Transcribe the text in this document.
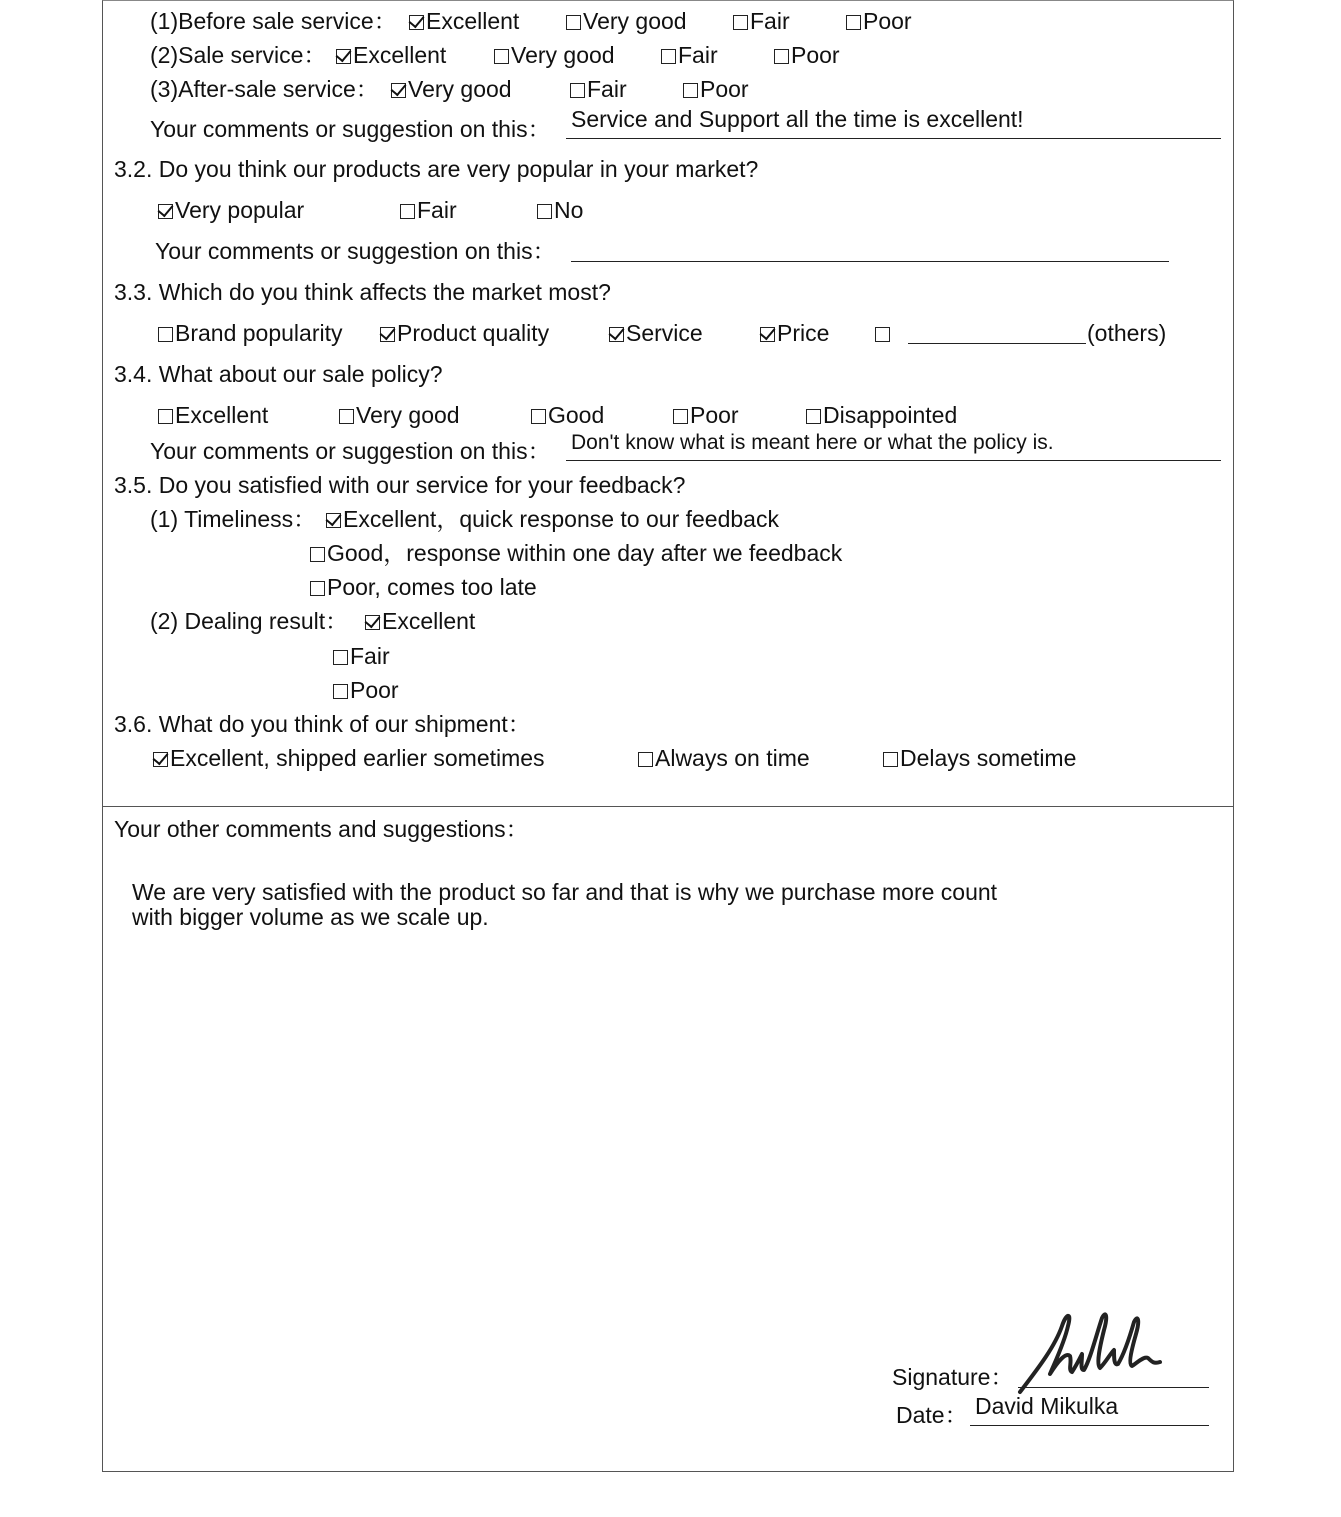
(1)Before sale service：	Excellent	Very good	Fair	Poor
(2)Sale service：	Excellent	Very good	Fair	Poor
(3)After-sale service：	Very good	Fair	Poor
Your comments or suggestion on this： Service and Support all the time is excellent!
3.2. Do you think our products are very popular in your market?
Very popular	Fair	No
Your comments or suggestion on this：
3.3. Which do you think affects the market most?
Brand popularity	Product quality	Service	Price	(others)
3.4. What about our sale policy?
Excellent	Very good	Good	Poor	Disappointed
Your comments or suggestion on this： Don't know what is meant here or what the policy is.
3.5. Do you satisfied with our service for your feedback?
(1) Timeliness：	Excellent，quick response to our feedback
Good，response within one day after we feedback
Poor, comes too late
(2) Dealing result：	Excellent
Fair
Poor
3.6. What do you think of our shipment：
Excellent, shipped earlier sometimes	Always on time	Delays sometime
Your other comments and suggestions：
We are very satisfied with the product so far and that is why we purchase more count
with bigger volume as we scale up.
Signature：
Date： David Mikulka
